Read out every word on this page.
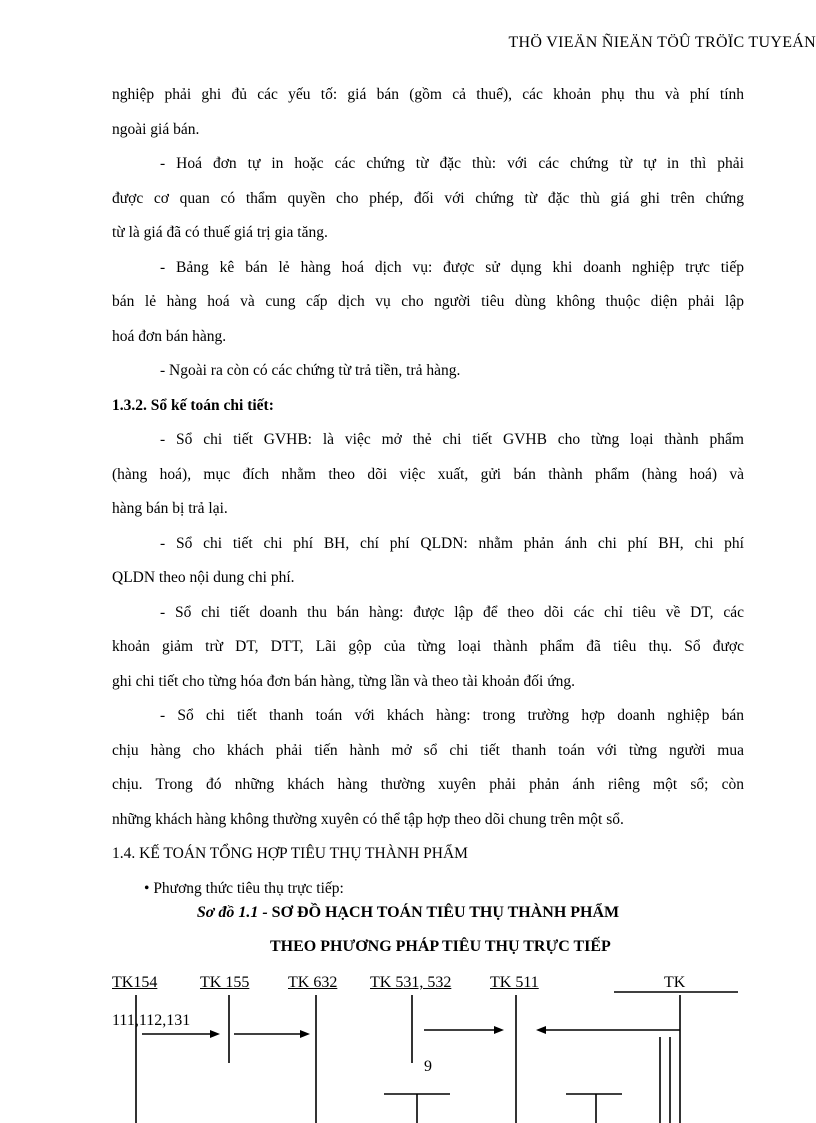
THÖ VIEÄN ÑIEÄN TÖÛ TRÖÏC TUYEÁN
nghiệp phải ghi đủ các yếu tố: giá bán (gồm cả thuế), các khoản phụ thu và phí tính
ngoài giá bán.
- Hoá đơn tự in hoặc các chứng từ đặc thù: với các chứng từ tự in thì phải
được cơ quan có thẩm quyền cho phép, đối với chứng từ đặc thù giá ghi trên chứng
từ là giá đã có thuế giá trị gia tăng.
- Bảng kê bán lẻ hàng hoá dịch vụ: được sử dụng khi doanh nghiệp trực tiếp
bán lẻ hàng hoá và cung cấp dịch vụ cho người tiêu dùng không thuộc diện phải lập
hoá đơn bán hàng.
- Ngoài ra còn có các chứng từ trả tiền, trả hàng.
1.3.2. Sổ kế toán chi tiết:
- Sổ chi tiết GVHB: là việc mở thẻ chi tiết GVHB cho từng loại thành phẩm
(hàng hoá), mục đích nhằm theo dõi việc xuất, gửi bán thành phẩm (hàng hoá) và
hàng bán bị trả lại.
- Sổ chi tiết chi phí BH, chí phí QLDN: nhằm phản ánh chi phí BH, chi phí
QLDN theo nội dung chi phí.
- Sổ chi tiết doanh thu bán hàng: được lập để theo dõi các chỉ tiêu về DT, các
khoản giảm trừ DT, DTT, Lãi gộp của từng loại thành phẩm đã tiêu thụ. Sổ được
ghi chi tiết cho từng hóa đơn bán hàng, từng lần và theo tài khoản đối ứng.
- Sổ chi tiết thanh toán với khách hàng: trong trường hợp doanh nghiệp bán
chịu hàng cho khách phải tiến hành mở sổ chi tiết thanh toán với từng người mua
chịu. Trong đó những khách hàng thường xuyên phải phản ánh riêng một sổ; còn
những khách hàng không thường xuyên có thể tập hợp theo dõi chung trên một sổ.
1.4. KẾ TOÁN TỔNG HỢP TIÊU THỤ THÀNH PHẨM
• Phương thức tiêu thụ trực tiếp:
Sơ đồ 1.1 - SƠ ĐỒ HẠCH TOÁN TIÊU THỤ THÀNH PHẨM
THEO PHƯƠNG PHÁP TIÊU THỤ TRỰC TIẾP
TK154	TK 155 TK 632 TK 531, 532 TK 511	TK
111,112,131
9
